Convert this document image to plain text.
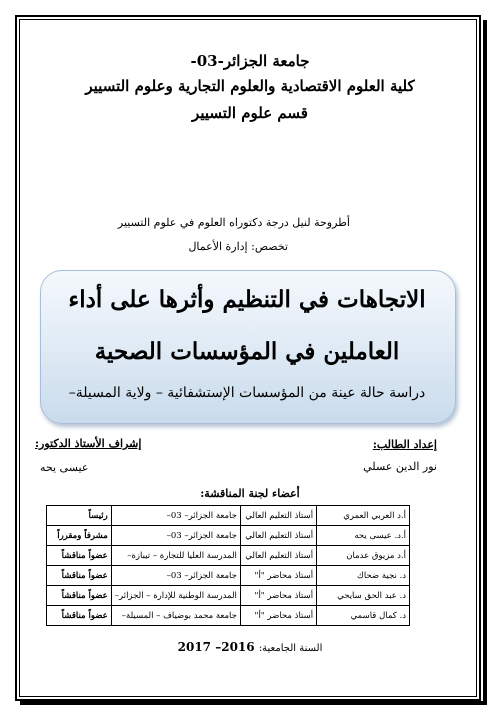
جامعة الجزائر-03-
كلية العلوم الاقتصادية والعلوم التجارية وعلوم التسيير
قسم علوم التسيير
أطروحة لنيل درجة دكتوراه العلوم في علوم التسيير
تخصص: إدارة الأعمال
الاتجاهات في التنظيم وأثرها على أداء
العاملين في المؤسسات الصحية
دراسة حالة عينة من المؤسسات الإستشفائية – ولاية المسيلة–
إعداد الطالب:
إشراف الأستاذ الدكتور:
نور الدين عسلي
عيسى يحه
أعضاء لجنة المناقشة:
أ.د العربي العمري	أستاذ التعليم العالي	جامعة الجزائر– 03–	رئيساً
أ.د. عيسى يحه	أستاذ التعليم العالي	جامعة الجزائر– 03–	مشرفاً ومقرراً
أ.د مزيوق عدمان	أستاذ التعليم العالي	المدرسة العليا للتجارة – تيبازة–	عضواً مناقشاً
د. نجية ضحاك	أستاذ محاضر "أ"	جامعة الجزائر– 03–	عضواً مناقشاً
د. عبد الحق سايحي	أستاذ محاضر "أ"	المدرسة الوطنية للإدارة – الجزائر–	عضواً مناقشاً
د. كمال قاسمي	أستاذ محاضر "أ"	جامعة محمد بوضياف – المسيلة–	عضواً مناقشاً
السنة الجامعية: 2016– 2017
